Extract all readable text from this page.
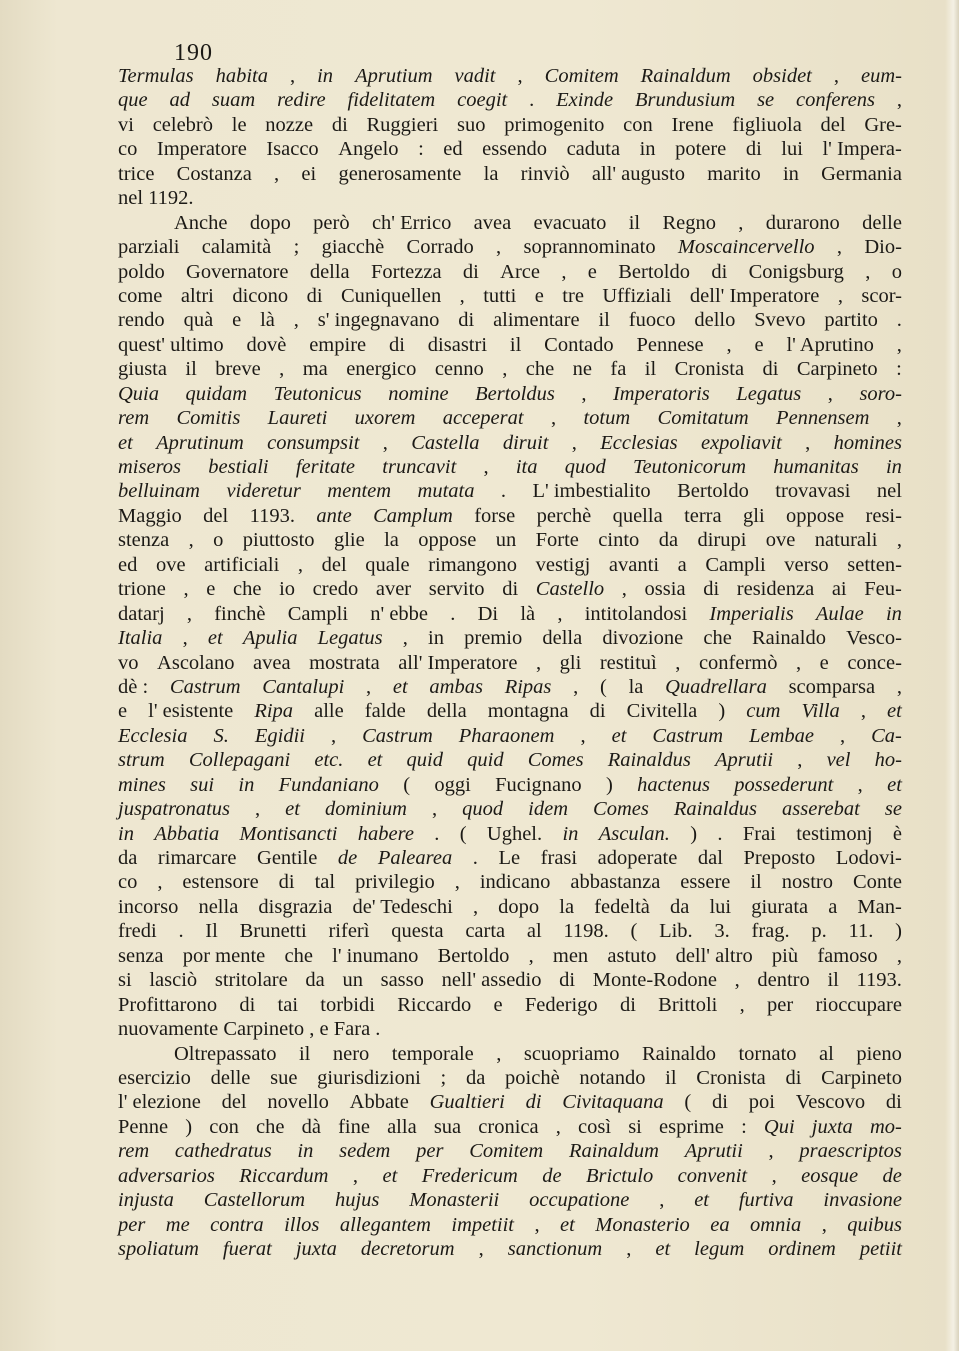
190
Termulas habita , in Aprutium vadit , Comitem Rainaldum obsidet , eum-
que ad suam redire fidelitatem coegit . Exinde Brundusium se conferens ,
vi celebrò le nozze di Ruggieri suo primogenito con Irene figliuola del Gre-
co Imperatore Isacco Angelo : ed essendo caduta in potere di lui l' Impera-
trice Costanza , ei generosamente la rinviò all' augusto marito in Germania
nel 1192.
Anche dopo però ch' Errico avea evacuato il Regno , durarono delle
parziali calamità ; giacchè Corrado , soprannominato Moscaincervello , Dio-
poldo Governatore della Fortezza di Arce , e Bertoldo di Conigsburg , o
come altri dicono di Cuniquellen , tutti e tre Uffiziali dell' Imperatore , scor-
rendo quà e là , s' ingegnavano di alimentare il fuoco dello Svevo partito .
quest' ultimo dovè empire di disastri il Contado Pennese , e l' Aprutino ,
giusta il breve , ma energico cenno , che ne fa il Cronista di Carpineto :
Quia quidam Teutonicus nomine Bertoldus , Imperatoris Legatus , soro-
rem Comitis Laureti uxorem acceperat , totum Comitatum Pennensem ,
et Aprutinum consumpsit , Castella diruit , Ecclesias expoliavit , homines
miseros bestiali feritate truncavit , ita quod Teutonicorum humanitas in
belluinam videretur mentem mutata . L' imbestialito Bertoldo trovavasi nel
Maggio del 1193. ante Camplum forse perchè quella terra gli oppose resi-
stenza , o piuttosto glie la oppose un Forte cinto da dirupi ove naturali ,
ed ove artificiali , del quale rimangono vestigj avanti a Campli verso setten-
trione , e che io credo aver servito di Castello , ossia di residenza ai Feu-
datarj , finchè Campli n' ebbe . Di là , intitolandosi Imperialis Aulae in
Italia , et Apulia Legatus , in premio della divozione che Rainaldo Vesco-
vo Ascolano avea mostrata all' Imperatore , gli restituì , confermò , e conce-
dè : Castrum Cantalupi , et ambas Ripas , ( la Quadrellara scomparsa ,
e l' esistente Ripa alle falde della montagna di Civitella ) cum Villa , et
Ecclesia S. Egidii , Castrum Pharaonem , et Castrum Lembae , Ca-
strum Collepagani etc. et quid quid Comes Rainaldus Aprutii , vel ho-
mines sui in Fundaniano ( oggi Fucignano ) hactenus possederunt , et
juspatronatus , et dominium , quod idem Comes Rainaldus asserebat se
in Abbatia Montisancti habere . ( Ughel. in Asculan. ) . Frai testimonj è
da rimarcare Gentile de Palearea . Le frasi adoperate dal Preposto Lodovi-
co , estensore di tal privilegio , indicano abbastanza essere il nostro Conte
incorso nella disgrazia de' Tedeschi , dopo la fedeltà da lui giurata a Man-
fredi . Il Brunetti riferì questa carta al 1198. ( Lib. 3. frag. p. 11. )
senza por mente che l' inumano Bertoldo , men astuto dell' altro più famoso ,
si lasciò stritolare da un sasso nell' assedio di Monte-Rodone , dentro il 1193.
Profittarono di tai torbidi Riccardo e Federigo di Brittoli , per rioccupare
nuovamente Carpineto , e Fara .
Oltrepassato il nero temporale , scuopriamo Rainaldo tornato al pieno
esercizio delle sue giurisdizioni ; da poichè notando il Cronista di Carpineto
l' elezione del novello Abbate Gualtieri di Civitaquana ( di poi Vescovo di
Penne ) con che dà fine alla sua cronica , così si esprime : Qui juxta mo-
rem cathedratus in sedem per Comitem Rainaldum Aprutii , praescriptos
adversarios Riccardum , et Fredericum de Brictulo convenit , eosque de
injusta Castellorum hujus Monasterii occupatione , et furtiva invasione
per me contra illos allegantem impetiit , et Monasterio ea omnia , quibus
spoliatum fuerat juxta decretorum , sanctionum , et legum ordinem petiit
